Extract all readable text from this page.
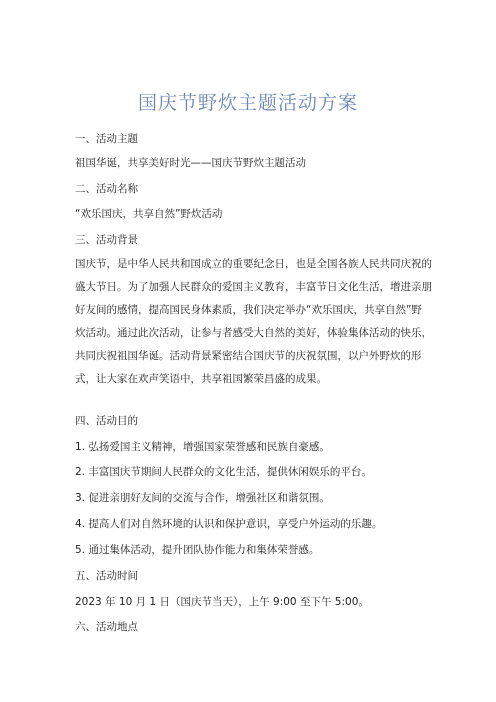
国庆节野炊主题活动方案
一、活动主题
祖国华诞，共享美好时光——国庆节野炊主题活动
二、活动名称
“欢乐国庆，共享自然”野炊活动
三、活动背景
国庆节，是中华人民共和国成立的重要纪念日，也是全国各族人民共同庆祝的
盛大节日。为了加强人民群众的爱国主义教育，丰富节日文化生活，增进亲朋
好友间的感情，提高国民身体素质，我们决定举办“欢乐国庆，共享自然”野
炊活动。通过此次活动，让参与者感受大自然的美好，体验集体活动的快乐，
共同庆祝祖国华诞。活动背景紧密结合国庆节的庆祝氛围，以户外野炊的形
式，让大家在欢声笑语中，共享祖国繁荣昌盛的成果。
四、活动目的
1. 弘扬爱国主义精神，增强国家荣誉感和民族自豪感。
2. 丰富国庆节期间人民群众的文化生活，提供休闲娱乐的平台。
3. 促进亲朋好友间的交流与合作，增强社区和谐氛围。
4. 提高人们对自然环境的认识和保护意识，享受户外运动的乐趣。
5. 通过集体活动，提升团队协作能力和集体荣誉感。
五、活动时间
2023 年 10 月 1 日（国庆节当天），上午 9:00 至下午 5:00。
六、活动地点
